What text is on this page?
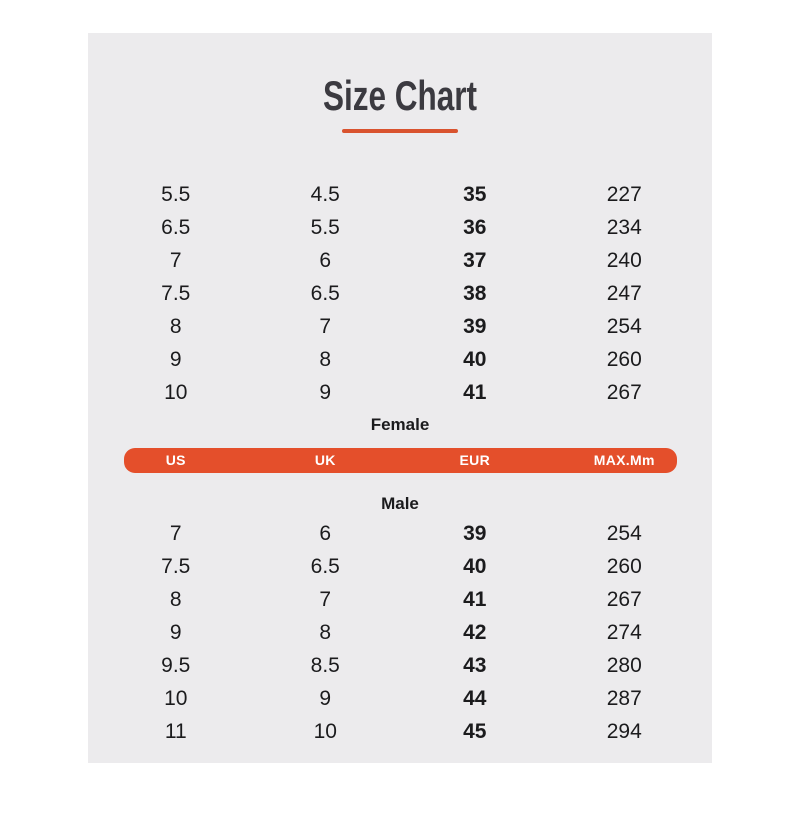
Size Chart
5.5	4.5	35	227
6.5	5.5	36	234
7	6	37	240
7.5	6.5	38	247
8	7	39	254
9	8	40	260
10	9	41	267
Female
US	UK	EUR	MAX.Mm
Male
7	6	39	254
7.5	6.5	40	260
8	7	41	267
9	8	42	274
9.5	8.5	43	280
10	9	44	287
11	10	45	294
